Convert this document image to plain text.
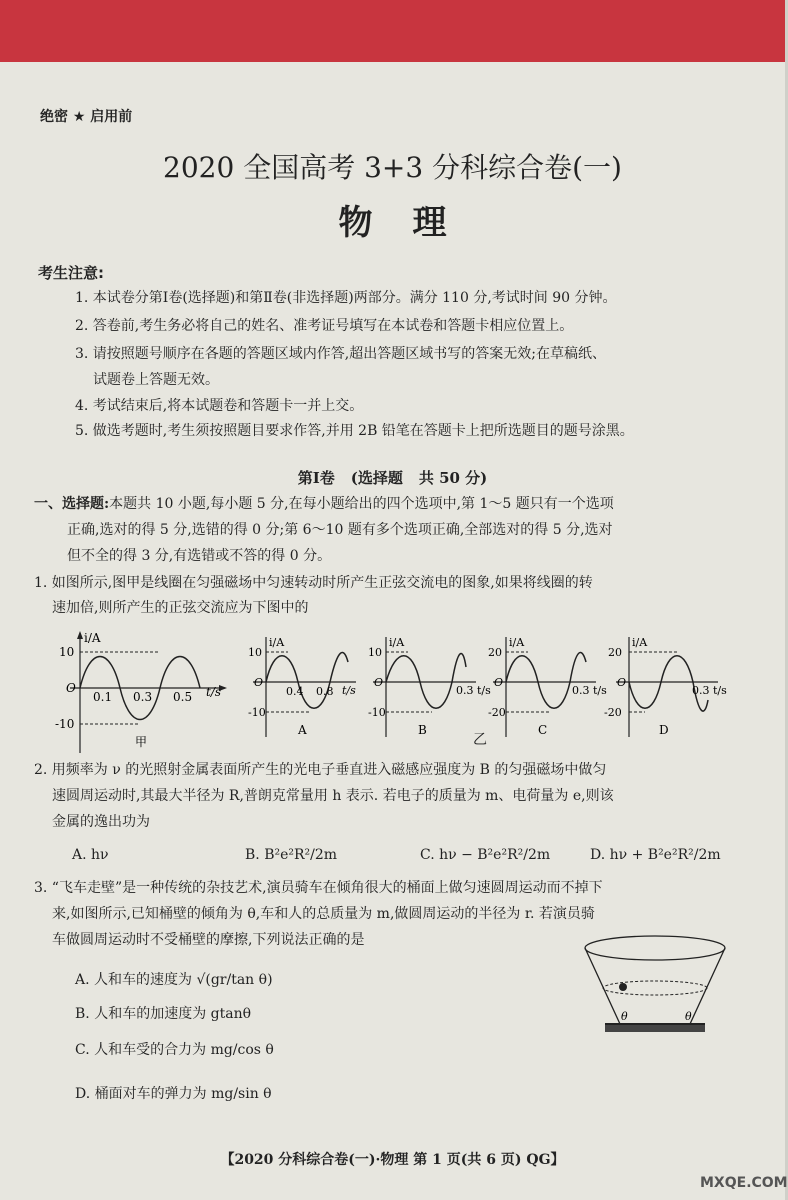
绝密 ★ 启用前
2020 全国高考 3+3 分科综合卷(一)
物理
考生注意:
1. 本试卷分第Ⅰ卷(选择题)和第Ⅱ卷(非选择题)两部分。满分 110 分,考试时间 90 分钟。
2. 答卷前,考生务必将自己的姓名、准考证号填写在本试卷和答题卡相应位置上。
3. 请按照题号顺序在各题的答题区域内作答,超出答题区域书写的答案无效;在草稿纸、
试题卷上答题无效。
4. 考试结束后,将本试题卷和答题卡一并上交。
5. 做选考题时,考生须按照题目要求作答,并用 2B 铅笔在答题卡上把所选题目的题号涂黑。
第Ⅰ卷 (选择题 共 50 分)
一、选择题:本题共 10 小题,每小题 5 分,在每小题给出的四个选项中,第 1～5 题只有一个选项
正确,选对的得 5 分,选错的得 0 分;第 6～10 题有多个选项正确,全部选对的得 5 分,选对
但不全的得 3 分,有选错或不答的得 0 分。
1. 如图所示,图甲是线圈在匀强磁场中匀速转动时所产生正弦交流电的图象,如果将线圈的转
速加倍,则所产生的正弦交流应为下图中的
i/A
10
O
-10
0.1 0.3 0.5 t/s
甲
i/A
10
O
-10
0.4 0.8 t/s
A
i/A
10
O
-10
0.3 t/s
B
乙
i/A
20
O
-20
0.3 t/s
C
i/A
20
O
-20
0.3 t/s
D
2. 用频率为 ν 的光照射金属表面所产生的光电子垂直进入磁感应强度为 B 的匀强磁场中做匀
速圆周运动时,其最大半径为 R,普朗克常量用 h 表示. 若电子的质量为 m、电荷量为 e,则该
金属的逸出功为
A. hν	B. B²e²R²/2m	C. hν − B²e²R²/2m	D. hν + B²e²R²/2m
3. “飞车走壁”是一种传统的杂技艺术,演员骑车在倾角很大的桶面上做匀速圆周运动而不掉下
来,如图所示,已知桶壁的倾角为 θ,车和人的总质量为 m,做圆周运动的半径为 r. 若演员骑
车做圆周运动时不受桶壁的摩擦,下列说法正确的是
A. 人和车的速度为 √(gr/tan θ)
B. 人和车的加速度为 gtanθ
C. 人和车受的合力为 mg/cos θ
D. 桶面对车的弹力为 mg/sin θ
θ	θ
【2020 分科综合卷(一)·物理 第 1 页(共 6 页) QG】
MXQE.COM
